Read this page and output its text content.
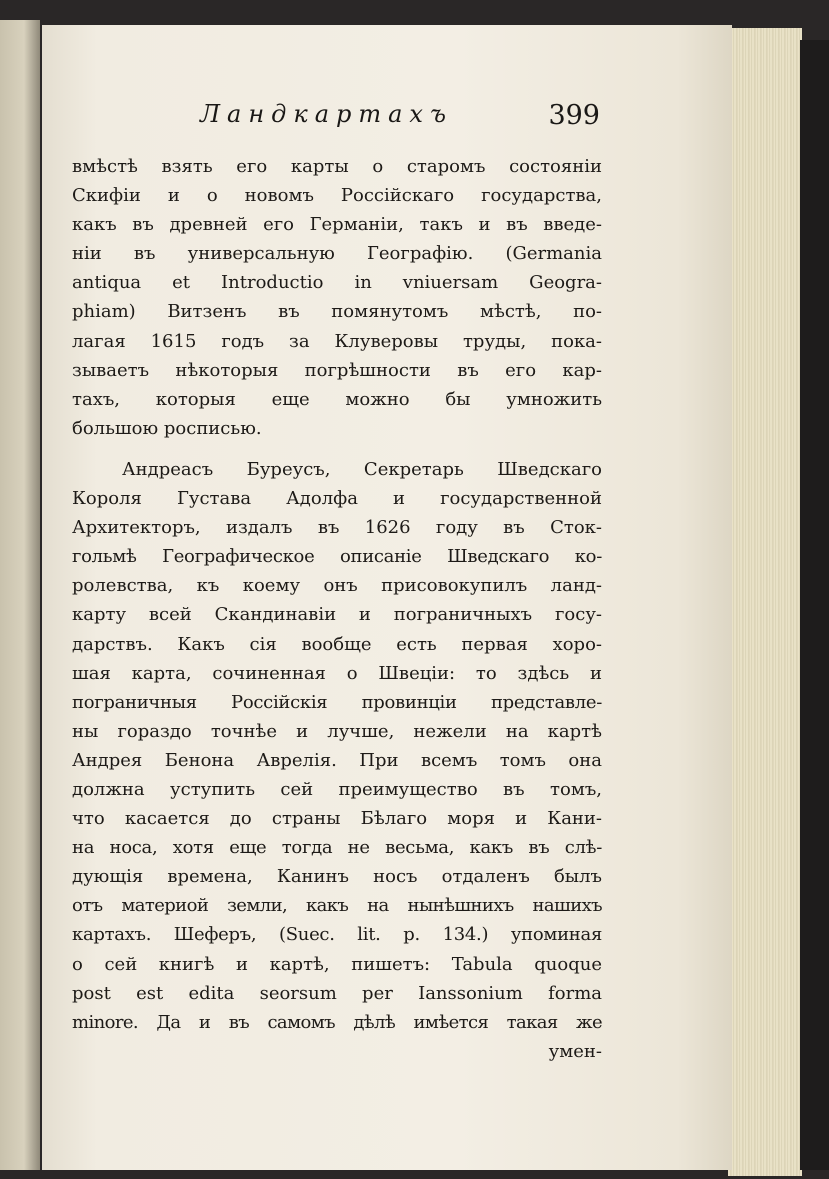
Ландкартахъ	399
вмѣстѣ взять его карты о старомъ состоянiи
Скифiи и о новомъ Россiйскаго государства,
какъ въ древней его Германiи, такъ и въ введе-
нiи въ универсальную Географiю. (Germania
antiqua et Introductio in vniuersam Geogra-
phiam) Витзенъ въ помянутомъ мѣстѣ, по-
лагая 1615 годъ за Клуверовы труды, пока-
зываетъ нѣкоторыя погрѣшности въ его кар-
тахъ, которыя еще можно бы умножить
большою росписью.
Андреасъ Буреусъ, Секретарь Шведскаго
Короля Густава Адолфа и государственной
Архитекторъ, издалъ въ 1626 году въ Сток-
гольмѣ Географическое описанiе Шведскаго ко-
ролевства, къ коему онъ присовокупилъ ланд-
карту всей Скандинавiи и пограничныхъ госу-
дарствъ. Какъ сiя вообще есть первая хоро-
шая карта, сочиненная о Швецiи: то здѣсь и
пограничныя Россiйскiя провинцiи представле-
ны гораздо точнѣе и лучше, нежели на картѣ
Андрея Бенона Аврелiя. При всемъ томъ она
должна уступить сей преимущество въ томъ,
что касается до страны Бѣлаго моря и Кани-
на носа, хотя еще тогда не весьма, какъ въ слѣ-
дующiя времена, Канинъ носъ отдаленъ былъ
отъ материой земли, какъ на нынѣшнихъ нашихъ
картахъ. Шеферъ, (Suec. lit. p. 134.) упоминая
о сей книгѣ и картѣ, пишетъ: Tabula quoque
post est edita seorsum per Ianssonium forma
minore. Да и въ самомъ дѣлѣ имѣется такая же
умен-
